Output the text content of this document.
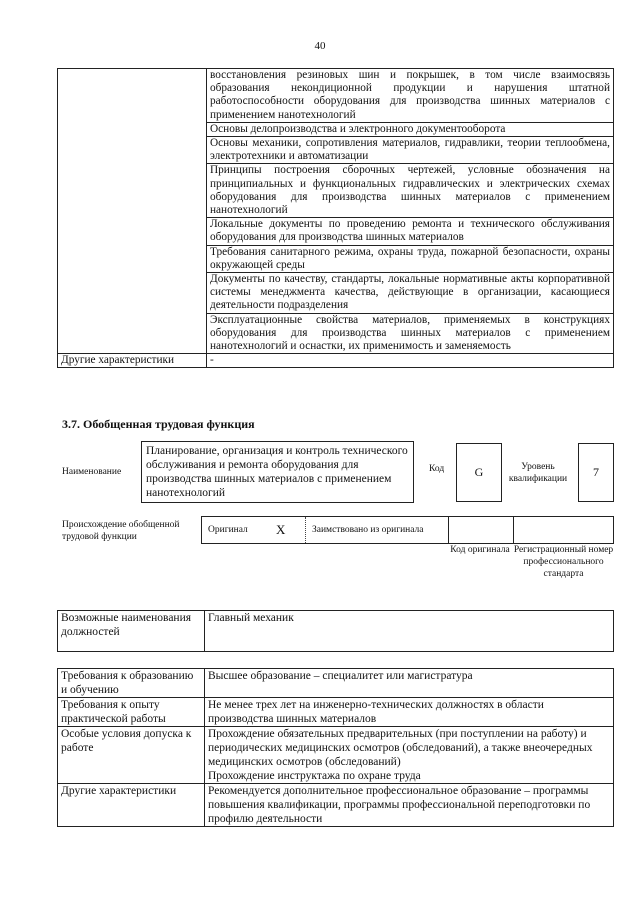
40
	восстановления резиновых шин и покрышек, в том числе взаимосвязь образования некондиционной продукции и нарушения штатной работоспособности оборудования для производства шинных материалов с применением нанотехнологий
	Основы делопроизводства и электронного документооборота
	Основы механики, сопротивления материалов, гидравлики, теории теплообмена, электротехники и автоматизации
	Принципы построения сборочных чертежей, условные обозначения на принципиальных и функциональных гидравлических и электрических схемах оборудования для производства шинных материалов с применением нанотехнологий
	Локальные документы по проведению ремонта и технического обслуживания оборудования для производства шинных материалов
	Требования санитарного режима, охраны труда, пожарной безопасности, охраны окружающей среды
	Документы по качеству, стандарты, локальные нормативные акты корпоративной системы менеджмента качества, действующие в организации, касающиеся деятельности подразделения
	Эксплуатационные свойства материалов, применяемых в конструкциях оборудования для производства шинных материалов с применением нанотехнологий и оснастки, их применимость и заменяемость
Другие характеристики	-
3.7. Обобщенная трудовая функция
Наименование
Планирование, организация и контроль технического обслуживания и ремонта оборудования для производства шинных материалов с применением нанотехнологий
Код	G	Уровень квалификации	7
Происхождение обобщенной трудовой функции
Оригинал X	Заимствовано из оригинала
Код оригинала Регистрационный номер профессионального стандарта
Возможные наименования должностей	Главный механик
Требования к образованию и обучению	Высшее образование – специалитет или магистратура
Требования к опыту практической работы	Не менее трех лет на инженерно-технических должностях в области производства шинных материалов
Особые условия допуска к работе	Прохождение обязательных предварительных (при поступлении на работу) и периодических медицинских осмотров (обследований), а также внеочередных медицинских осмотров (обследований)
Прохождение инструктажа по охране труда

Другие характеристики	Рекомендуется дополнительное профессиональное образование – программы повышения квалификации, программы профессиональной переподготовки по профилю деятельности
